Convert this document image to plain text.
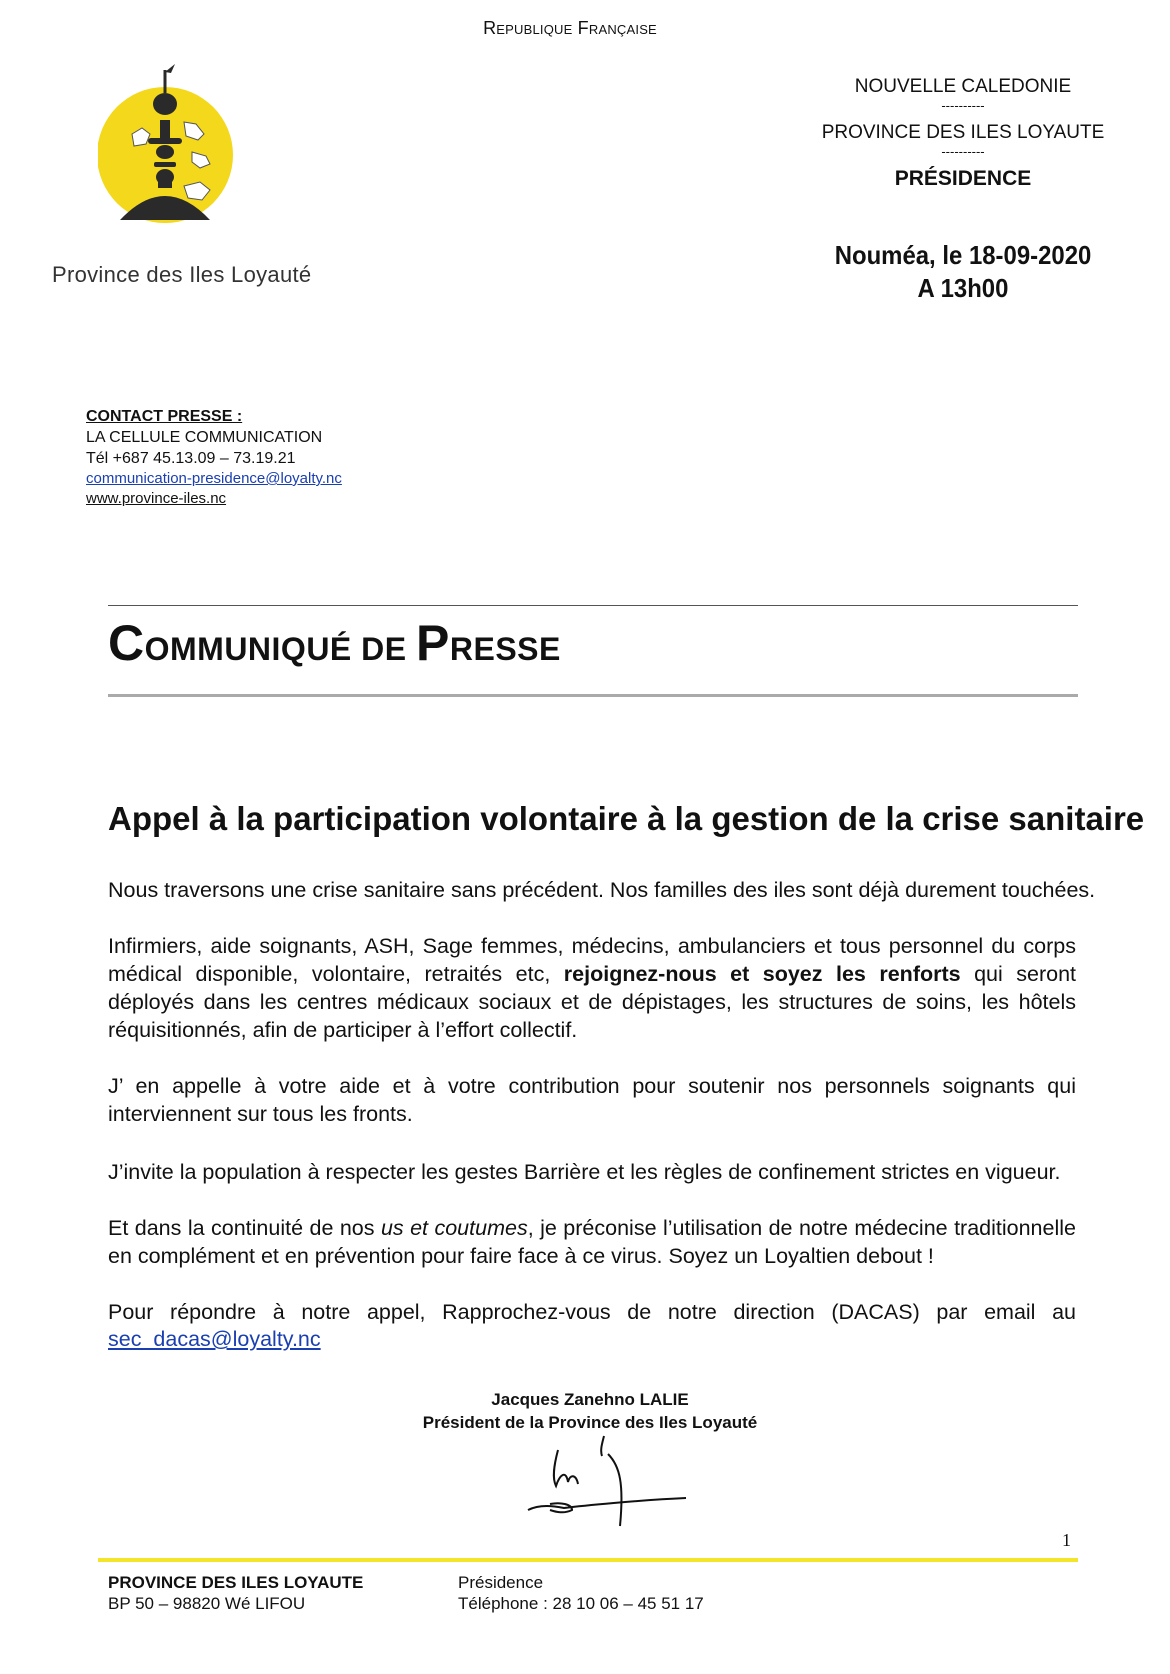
Republique Française
Province des Iles Loyauté
NOUVELLE CALEDONIE
----------
PROVINCE DES ILES LOYAUTE
----------
PRÉSIDENCE
Nouméa, le 18-09-2020
A 13h00
CONTACT PRESSE :
LA CELLULE COMMUNICATION
Tél +687 45.13.09 – 73.19.21
communication-presidence@loyalty.nc
www.province-iles.nc
COMMUNIQUÉ DE PRESSE
Appel à la participation volontaire à la gestion de la crise sanitaire
Nous traversons une crise sanitaire sans précédent. Nos familles des iles sont déjà durement touchées.
Infirmiers, aide soignants, ASH, Sage femmes, médecins, ambulanciers et tous personnel du corps médical disponible, volontaire, retraités etc, rejoignez-nous et soyez les renforts qui seront déployés dans les centres médicaux sociaux et de dépistages, les structures de soins, les hôtels réquisitionnés, afin de participer à l’effort collectif.
J’ en appelle à votre aide et à votre contribution pour soutenir nos personnels soignants qui interviennent sur tous les fronts.
J’invite la population à respecter les gestes Barrière et les règles de confinement strictes en vigueur.
Et dans la continuité de nos us et coutumes, je préconise l’utilisation de notre médecine traditionnelle en complément et en prévention pour faire face à ce virus. Soyez un Loyaltien debout !
Pour répondre à notre appel, Rapprochez-vous de notre direction (DACAS) par email au
sec_dacas@loyalty.nc
Jacques Zanehno LALIE
Président de la Province des Iles Loyauté
1
PROVINCE DES ILES LOYAUTE
BP 50 – 98820 Wé LIFOU
Présidence
Téléphone : 28 10 06 – 45 51 17
